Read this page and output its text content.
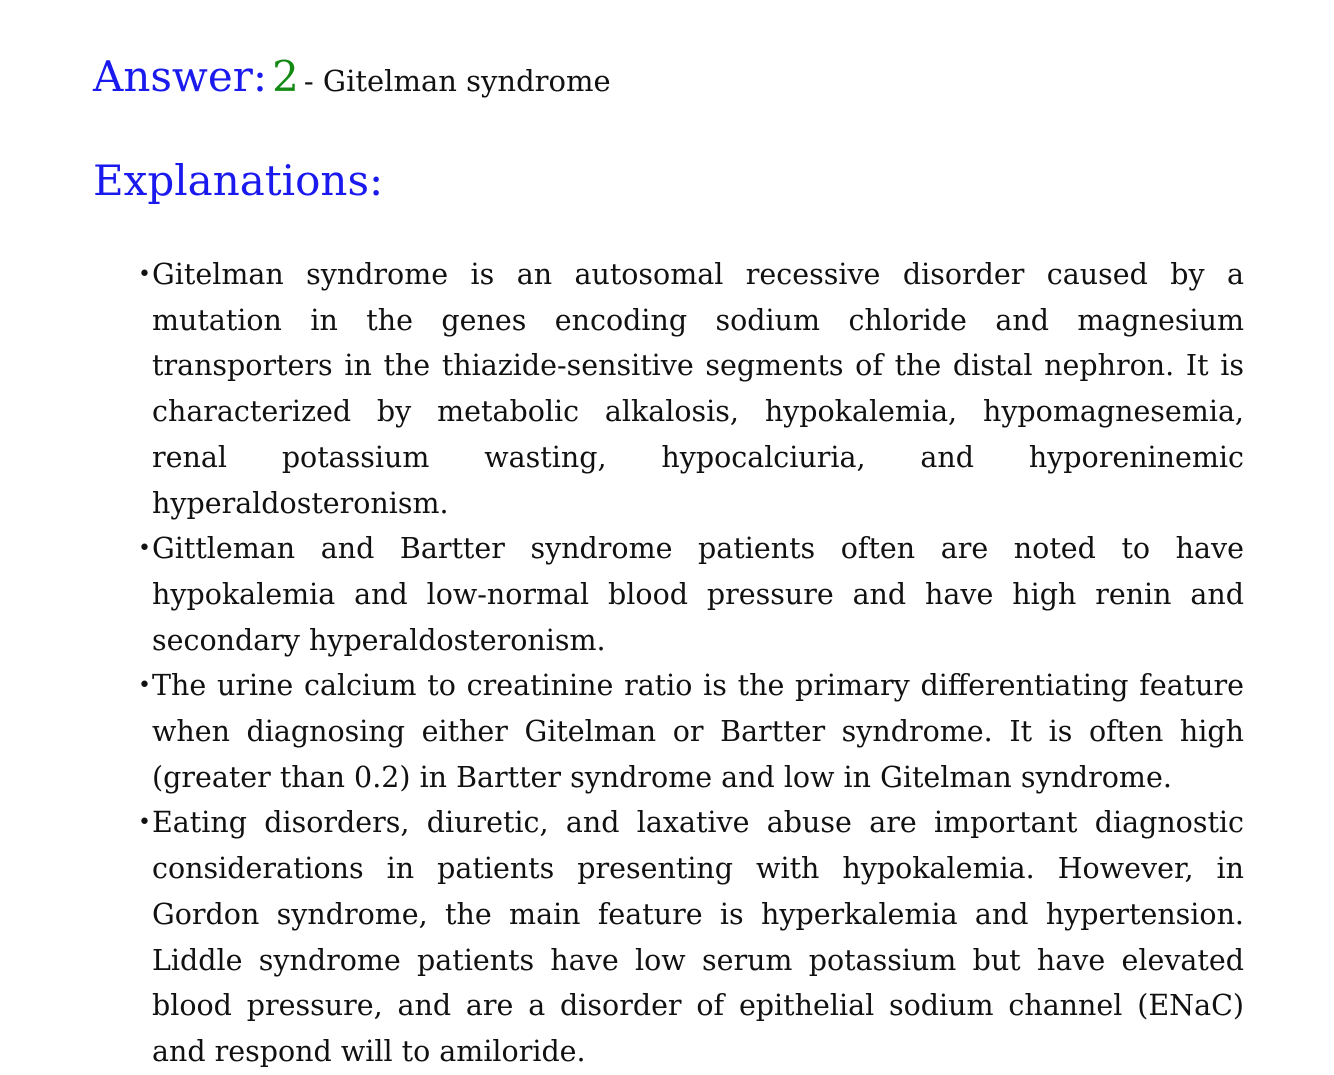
Answer: 2 - Gitelman syndrome
Explanations:
• Gitelman syndrome is an autosomal recessive disorder caused by a mutation in the genes encoding sodium chloride and magnesium transporters in the thiazide-sensitive segments of the distal nephron. It is characterized by metabolic alkalosis, hypokalemia, hypomagnesemia, renal potassium wasting, hypocalciuria, and hyporeninemic hyperaldosteronism.
• Gittleman and Bartter syndrome patients often are noted to have hypokalemia and low-normal blood pressure and have high renin and secondary hyperaldosteronism.
• The urine calcium to creatinine ratio is the primary differentiating feature when diagnosing either Gitelman or Bartter syndrome. It is often high (greater than 0.2) in Bartter syndrome and low in Gitelman syndrome.
• Eating disorders, diuretic, and laxative abuse are important diagnostic considerations in patients presenting with hypokalemia. However, in Gordon syndrome, the main feature is hyperkalemia and hypertension. Liddle syndrome patients have low serum potassium but have elevated blood pressure, and are a disorder of epithelial sodium channel (ENaC) and respond will to amiloride.
